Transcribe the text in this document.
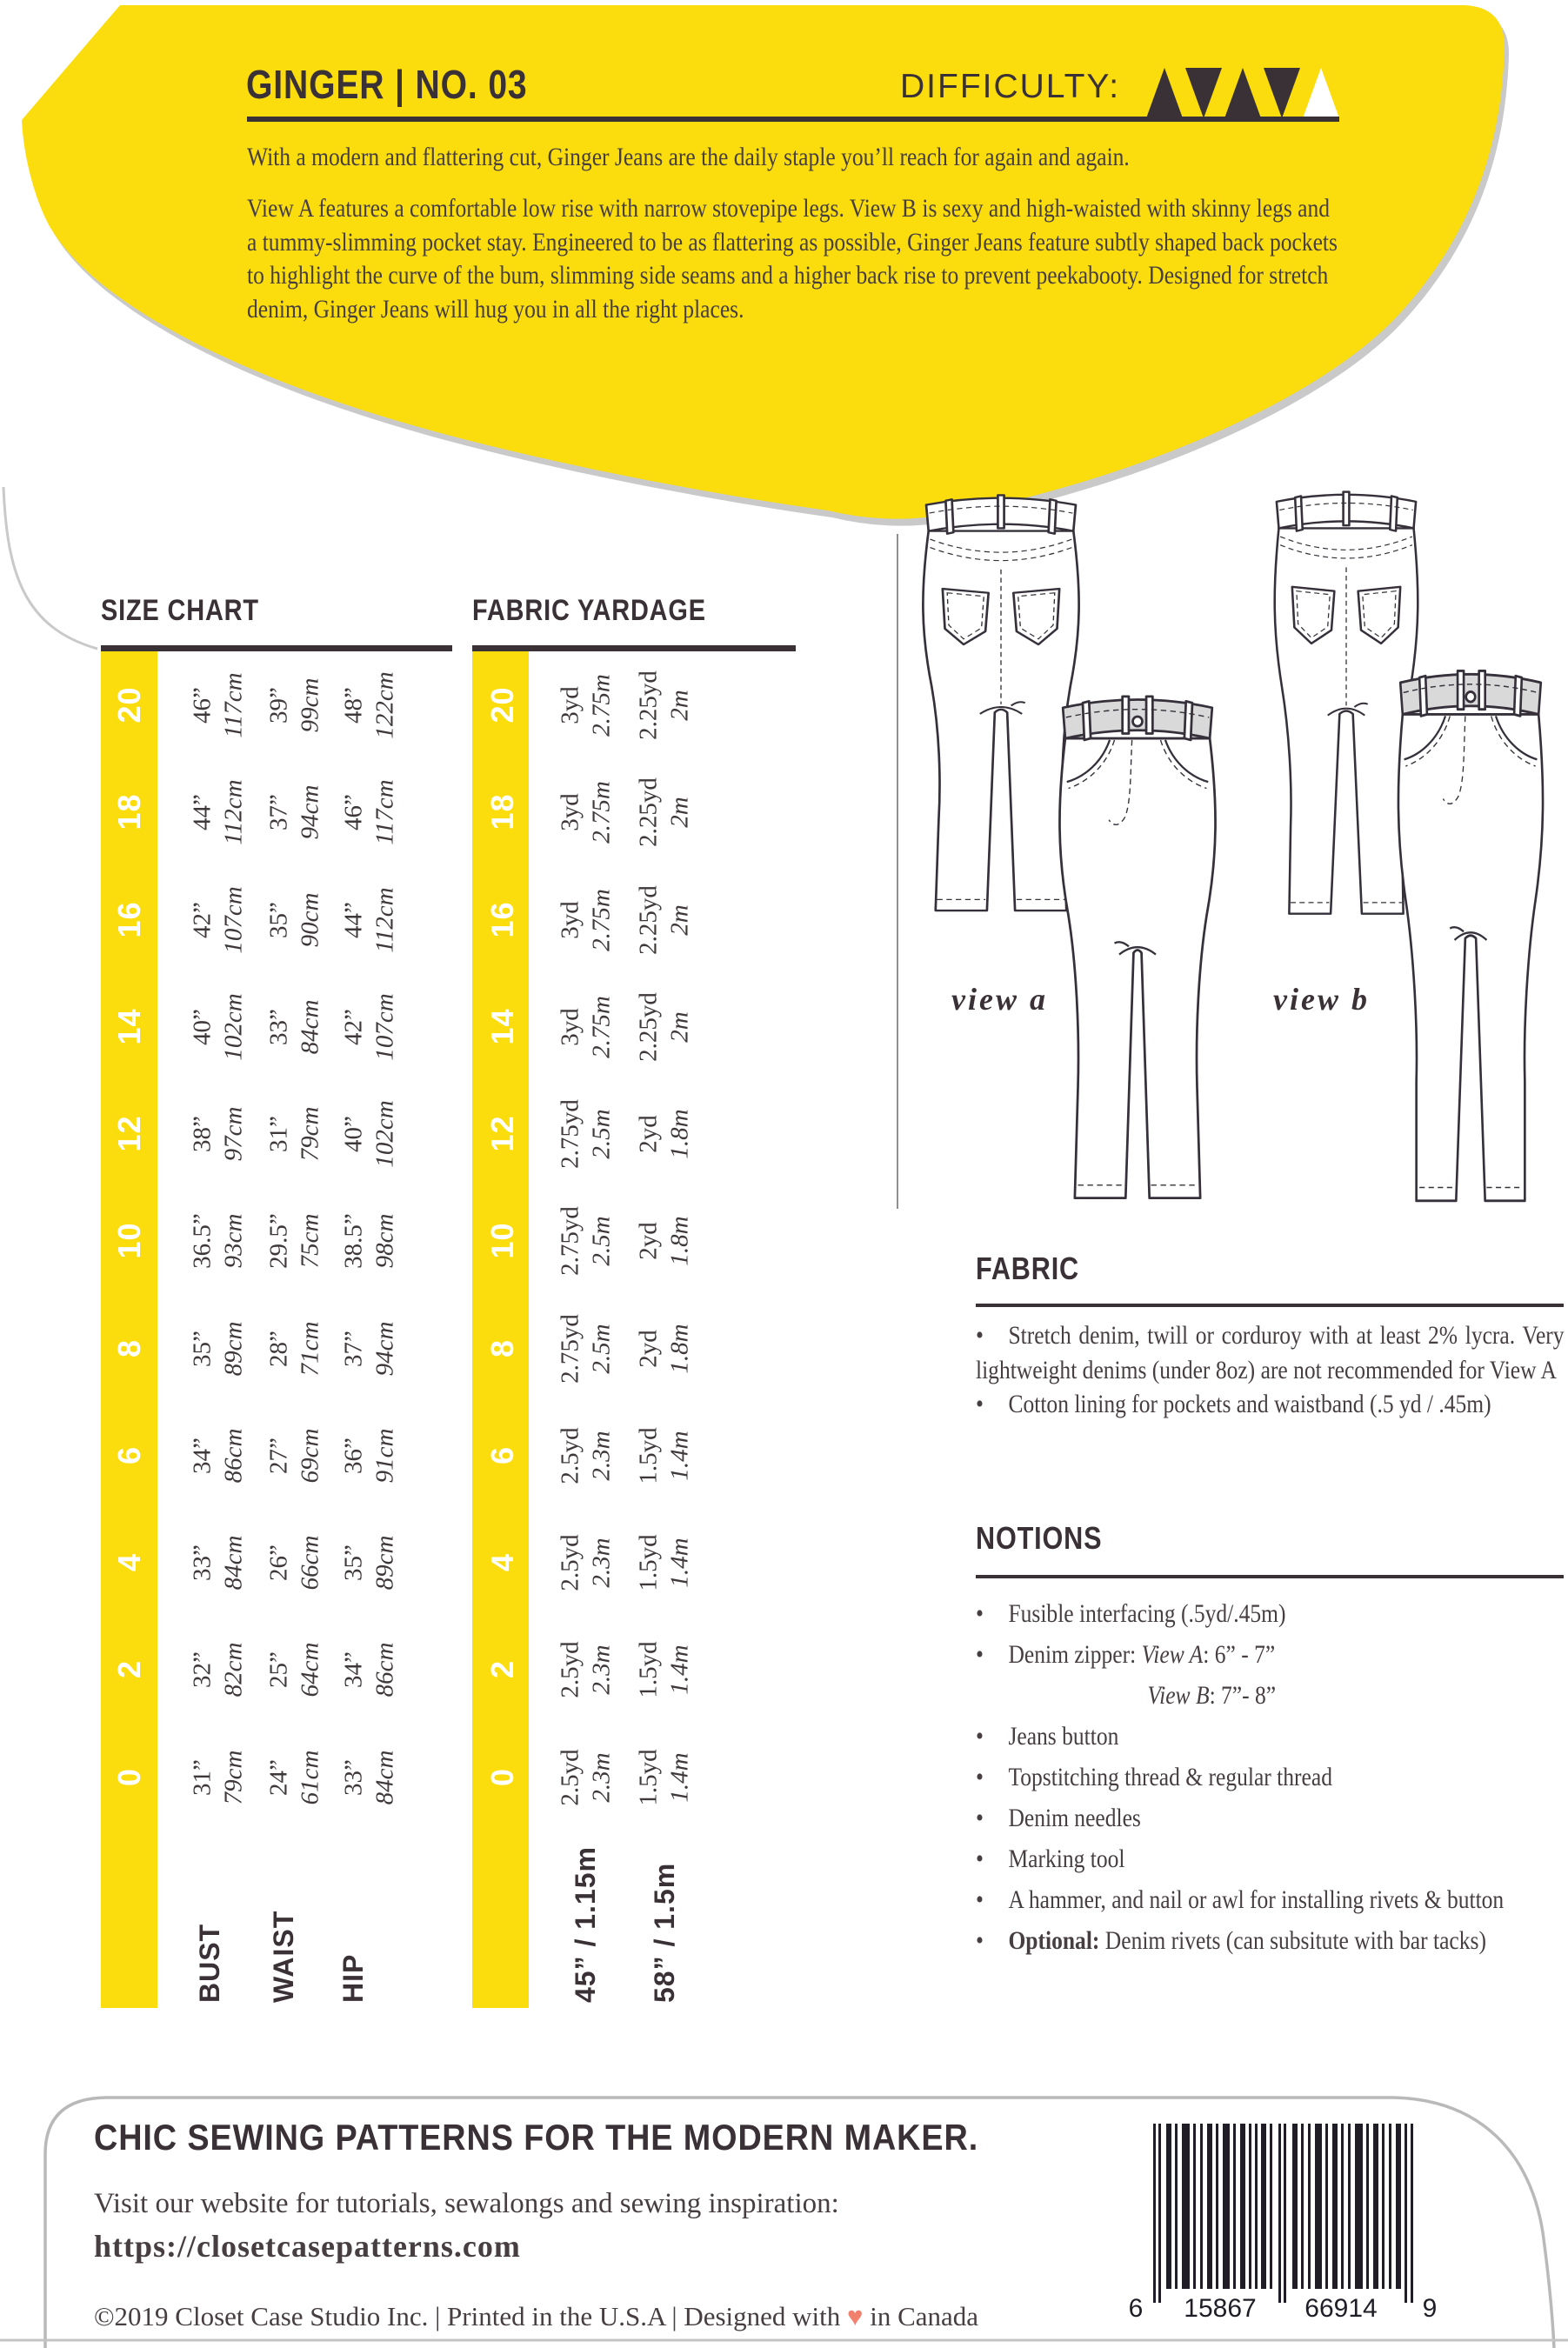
GINGER | NO. 03	DIFFICULTY:
With a modern and flattering cut, Ginger Jeans are the daily staple you’ll reach for again and again.
View A features a comfortable low rise with narrow stovepipe legs. View B is sexy and high-waisted with skinny legs and a tummy-slimming pocket stay. Engineered to be as flattering as possible, Ginger Jeans feature subtly shaped back pockets to highlight the curve of the bum, slimming side seams and a higher back rise to prevent peekabooty. Designed for stretch denim, Ginger Jeans will hug you in all the right places.
SIZE CHART	FABRIC YARDAGE
20	46” 117cm 39” 99cm 48” 122cm
18	44” 112cm 37” 94cm 46” 117cm
16	42” 107cm 35” 90cm 44” 112cm
14	40” 102cm 33” 84cm 42” 107cm
12	38” 97cm 31” 79cm 40” 102cm
10	36.5” 93cm 29.5” 75cm 38.5” 98cm
8	35” 89cm 28” 71cm 37” 94cm
6	34” 86cm 27” 69cm 36” 91cm
4	33” 84cm 26” 66cm 35” 89cm
2	32” 82cm 25” 64cm 34” 86cm
0	31” 79cm 24” 61cm 33” 84cm
BUST WAIST HIP
20	3yd 2.75m 2.25yd 2m
18	3yd 2.75m 2.25yd 2m
16	3yd 2.75m 2.25yd 2m
14	3yd 2.75m 2.25yd 2m
12	2.75yd 2.5m 2yd 1.8m
10	2.75yd 2.5m 2yd 1.8m
8	2.75yd 2.5m 2yd 1.8m
6	2.5yd 2.3m 1.5yd 1.4m
4	2.5yd 2.3m 1.5yd 1.4m
2	2.5yd 2.3m 1.5yd 1.4m
0	2.5yd 2.3m 1.5yd 1.4m
45” / 1.15m 58” / 1.5m
view a	view b
FABRIC
• Stretch denim, twill or corduroy with at least 2% lycra. Very lightweight denims (under 8oz) are not recommended for View A
• Cotton lining for pockets and waistband (.5 yd / .45m)
NOTIONS
• Fusible interfacing (.5yd/.45m)
• Denim zipper: View A: 6” - 7”
View B: 7”- 8”
• Jeans button
• Topstitching thread & regular thread
• Denim needles
• Marking tool
• A hammer, and nail or awl for installing rivets & button
• Optional: Denim rivets (can subsitute with bar tacks)
CHIC SEWING PATTERNS FOR THE MODERN MAKER.
Visit our website for tutorials, sewalongs and sewing inspiration:
https://closetcasepatterns.com
©2019 Closet Case Studio Inc. | Printed in the U.S.A | Designed with ♥ in Canada	6 15867 66914 9
